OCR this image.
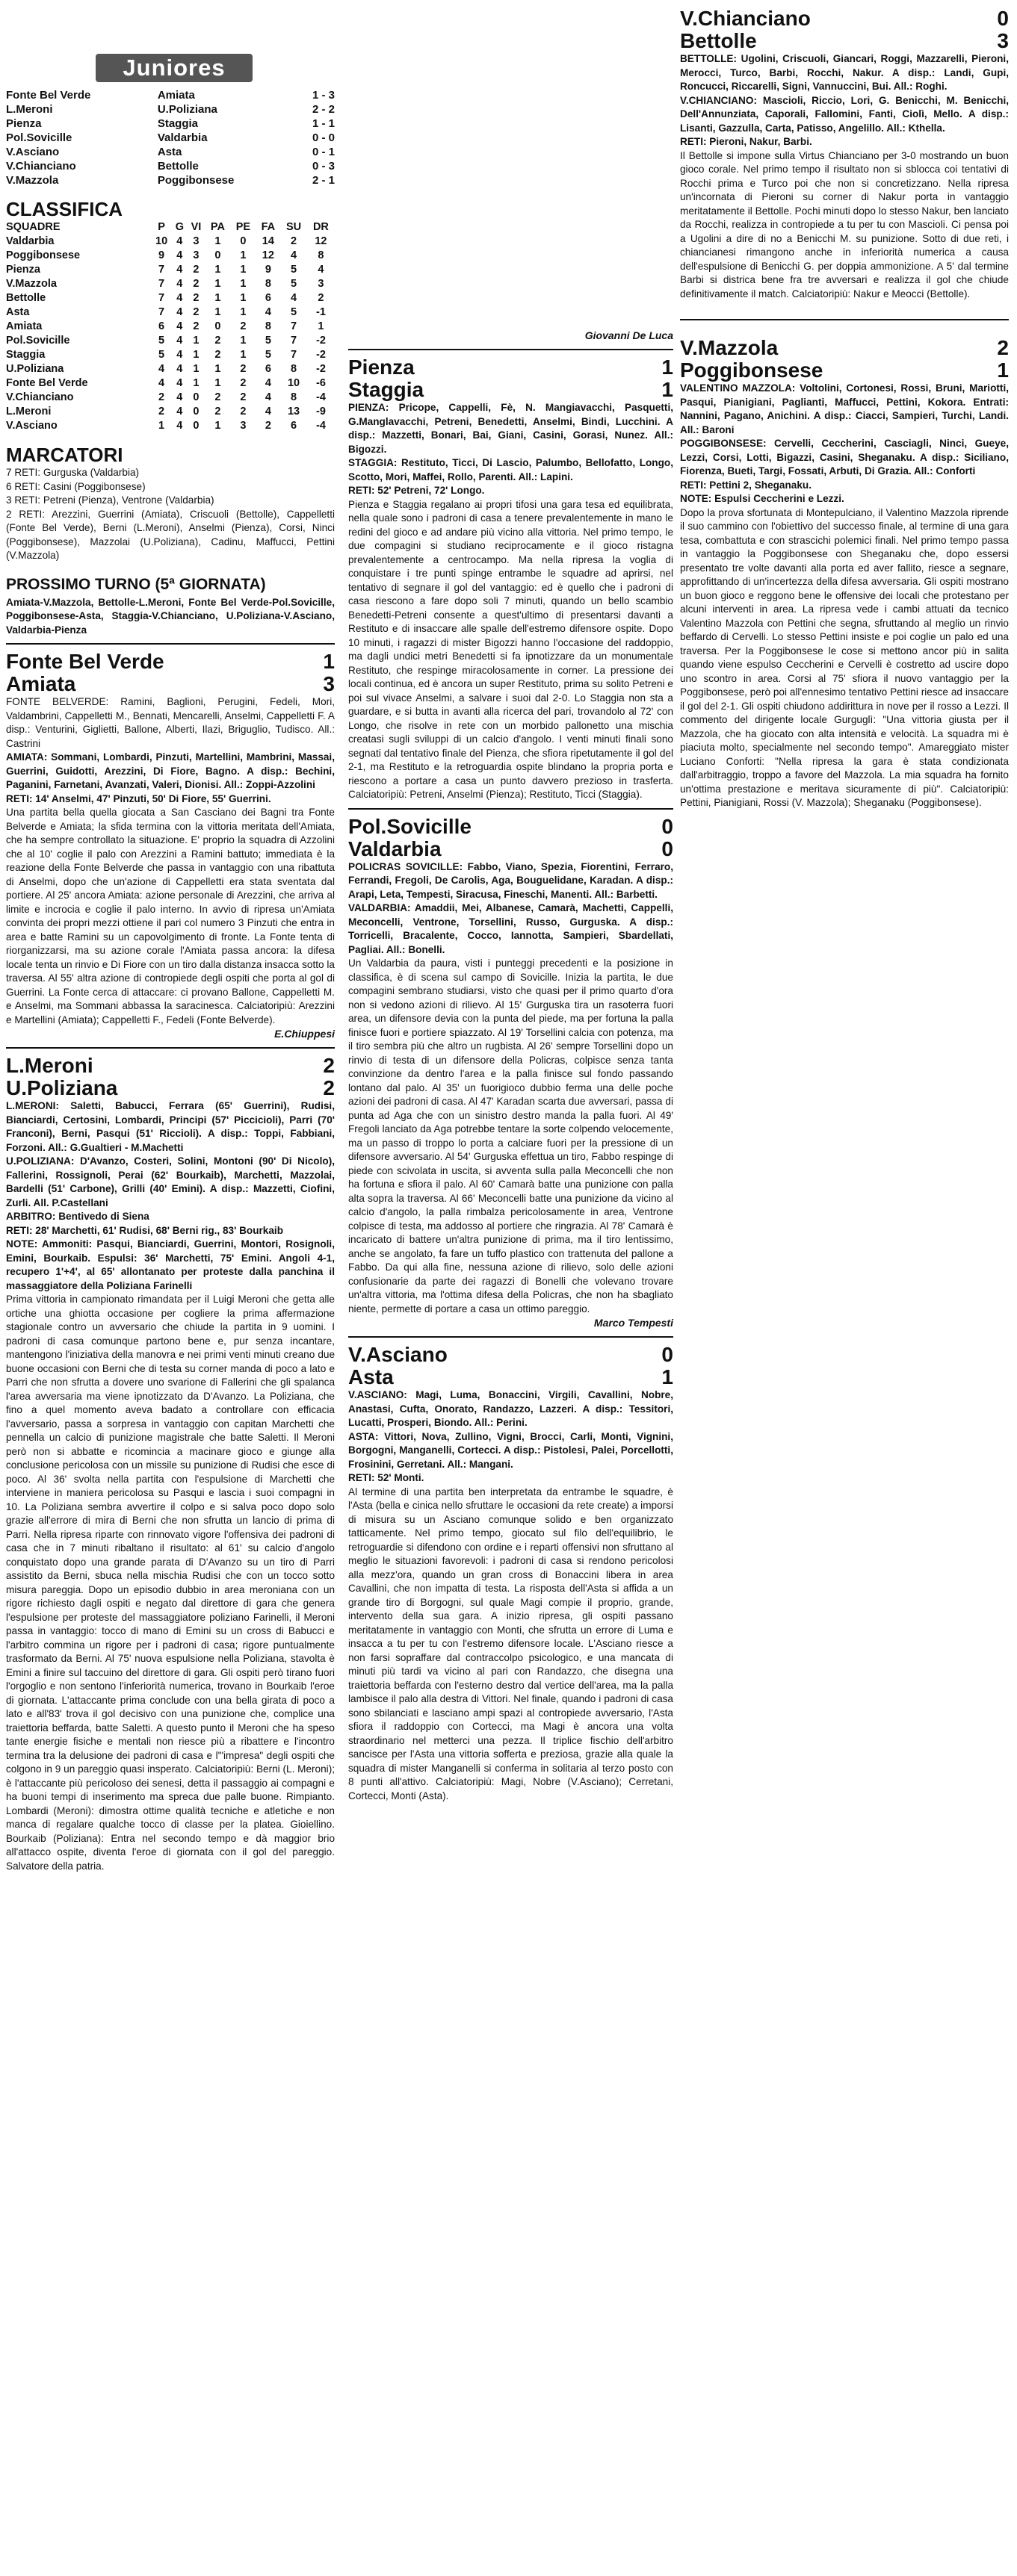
Juniores
Fonte Bel Verde	Amiata	1 - 3
L.Meroni	U.Poliziana	2 - 2
Pienza	Staggia	1 - 1
Pol.Sovicille	Valdarbia	0 - 0
V.Asciano	Asta	0 - 1
V.Chianciano	Bettolle	0 - 3
V.Mazzola	Poggibonsese	2 - 1
CLASSIFICA
SQUADRE	P	G	VI	PA	PE	FA	SU	DR
Valdarbia	10	4	3	1	0	14	2	12
Poggibonsese	9	4	3	0	1	12	4	8
Pienza	7	4	2	1	1	9	5	4
V.Mazzola	7	4	2	1	1	8	5	3
Bettolle	7	4	2	1	1	6	4	2
Asta	7	4	2	1	1	4	5	-1
Amiata	6	4	2	0	2	8	7	1
Pol.Sovicille	5	4	1	2	1	5	7	-2
Staggia	5	4	1	2	1	5	7	-2
U.Poliziana	4	4	1	1	2	6	8	-2
Fonte Bel Verde	4	4	1	1	2	4	10	-6
V.Chianciano	2	4	0	2	2	4	8	-4
L.Meroni	2	4	0	2	2	4	13	-9
V.Asciano	1	4	0	1	3	2	6	-4
MARCATORI

7 RETI: Gurguska (Valdarbia)

6 RETI: Casini (Poggibonsese)

3 RETI: Petreni (Pienza), Ventrone (Valdarbia)

2 RETI: Arezzini, Guerrini (Amiata), Criscuoli (Bettolle), Cappelletti (Fonte Bel Verde), Berni (L.Meroni), Anselmi (Pienza), Corsi, Ninci (Poggibonsese), Mazzolai (U.Poliziana), Cadinu, Maffucci, Pettini (V.Mazzola)

PROSSIMO TURNO (5ª GIORNATA)

Amiata-V.Mazzola, Bettolle-L.Meroni, Fonte Bel Verde-Pol.Sovicille, Poggibonsese-Asta, Staggia-V.Chianciano, U.Poliziana-V.Asciano, Valdarbia-Pienza

Fonte Bel Verde	1
Amiata	3

FONTE BELVERDE: Ramini, Baglioni, Perugini, Fedeli, Mori, Valdambrini, Cappelletti M., Bennati, Mencarelli, Anselmi, Cappelletti F. A disp.: Venturini, Giglietti, Ballone, Alberti, Ilazi, Briguglio, Tudisco. All.: Castrini

AMIATA: Sommani, Lombardi, Pinzuti, Martellini, Mambrini, Massai, Guerrini, Guidotti, Arezzini, Di Fiore, Bagno. A disp.: Bechini, Paganini, Farnetani, Avanzati, Valeri, Dionisi. All.: Zoppi-Azzolini

RETI: 14' Anselmi, 47' Pinzuti, 50' Di Fiore, 55' Guerrini.

Una partita bella quella giocata a San Casciano dei Bagni tra Fonte Belverde e Amiata; la sfida termina con la vittoria meritata dell'Amiata, che ha sempre controllato la situazione. E' proprio la squadra di Azzolini che al 10' coglie il palo con Arezzini a Ramini battuto; immediata è la reazione della Fonte Belverde che passa in vantaggio con una ribattuta di Anselmi, dopo che un'azione di Cappelletti era stata sventata dal portiere. Al 25' ancora Amiata: azione personale di Arezzini, che arriva al limite e incrocia e coglie il palo interno. In avvio di ripresa un'Amiata convinta dei propri mezzi ottiene il pari col numero 3 Pinzuti che entra in area e batte Ramini su un capovolgimento di fronte. La Fonte tenta di riorganizzarsi, ma su azione corale l'Amiata passa ancora: la difesa locale tenta un rinvio e Di Fiore con un tiro dalla distanza insacca sotto la traversa. Al 55' altra azione di contropiede degli ospiti che porta al gol di Guerrini. La Fonte cerca di attaccare: ci provano Ballone, Cappelletti M. e Anselmi, ma Sommani abbassa la saracinesca. Calciatoripiù: Arezzini e Martellini (Amiata); Cappelletti F., Fedeli (Fonte Belverde).

E.Chiuppesi
L.Meroni	2
U.Poliziana	2

L.MERONI: Saletti, Babucci, Ferrara (65' Guerrini), Rudisi, Bianciardi, Certosini, Lombardi, Principi (57' Piccicioli), Parri (70' Franconi), Berni, Pasqui (51' Riccioli). A disp.: Toppi, Fabbiani, Forzoni. All.: G.Gualtieri - M.Machetti

U.POLIZIANA: D'Avanzo, Costeri, Solini, Montoni (90' Di Nicolo), Fallerini, Rossignoli, Perai (62' Bourkaib), Marchetti, Mazzolai, Bardelli (51' Carbone), Grilli (40' Emini). A disp.: Mazzetti, Ciofini, Zurli. All. P.Castellani

ARBITRO: Bentivedo di Siena

RETI: 28' Marchetti, 61' Rudisi, 68' Berni rig., 83' Bourkaib

NOTE: Ammoniti: Pasqui, Bianciardi, Guerrini, Montori, Rosignoli, Emini, Bourkaib. Espulsi: 36' Marchetti, 75' Emini. Angoli 4-1, recupero 1'+4', al 65' allontanato per proteste dalla panchina il massaggiatore della Poliziana Farinelli

Prima vittoria in campionato rimandata per il Luigi Meroni che getta alle ortiche una ghiotta occasione per cogliere la prima affermazione stagionale contro un avversario che chiude la partita in 9 uomini. I padroni di casa comunque partono bene e, pur senza incantare, mantengono l'iniziativa della manovra e nei primi venti minuti creano due buone occasioni con Berni che di testa su corner manda di poco a lato e Parri che non sfrutta a dovere uno svarione di Fallerini che gli spalanca l'area avversaria ma viene ipnotizzato da D'Avanzo. La Poliziana, che fino a quel momento aveva badato a controllare con efficacia l'avversario, passa a sorpresa in vantaggio con capitan Marchetti che pennella un calcio di punizione magistrale che batte Saletti. Il Meroni però non si abbatte e ricomincia a macinare gioco e giunge alla conclusione pericolosa con un missile su punizione di Rudisi che esce di poco. Al 36' svolta nella partita con l'espulsione di Marchetti che interviene in maniera pericolosa su Pasqui e lascia i suoi compagni in 10. La Poliziana sembra avvertire il colpo e si salva poco dopo solo grazie all'errore di mira di Berni che non sfrutta un lancio di prima di Parri. Nella ripresa riparte con rinnovato vigore l'offensiva dei padroni di casa che in 7 minuti ribaltano il risultato: al 61' su calcio d'angolo conquistato dopo una grande parata di D'Avanzo su un tiro di Parri assistito da Berni, sbuca nella mischia Rudisi che con un tocco sotto misura pareggia. Dopo un episodio dubbio in area meroniana con un rigore richiesto dagli ospiti e negato dal direttore di gara che genera l'espulsione per proteste del massaggiatore poliziano Farinelli, il Meroni passa in vantaggio: tocco di mano di Emini su un cross di Babucci e l'arbitro commina un rigore per i padroni di casa; rigore puntualmente trasformato da Berni. Al 75' nuova espulsione nella Poliziana, stavolta è Emini a finire sul taccuino del direttore di gara. Gli ospiti però tirano fuori l'orgoglio e non sentono l'inferiorità numerica, trovano in Bourkaib l'eroe di giornata. L'attaccante prima conclude con una bella girata di poco a lato e all'83' trova il gol decisivo con una punizione che, complice una traiettoria beffarda, batte Saletti. A questo punto il Meroni che ha speso tante energie fisiche e mentali non riesce più a ribattere e l'incontro termina tra la delusione dei padroni di casa e l'"impresa" degli ospiti che colgono in 9 un pareggio quasi insperato. Calciatoripiù: Berni (L. Meroni); è l'attaccante più pericoloso dei senesi, detta il passaggio ai compagni e ha buoni tempi di inserimento ma spreca due palle buone. Rimpianto. Lombardi (Meroni): dimostra ottime qualità tecniche e atletiche e non manca di regalare qualche tocco di classe per la platea. Gioiellino. Bourkaib (Poliziana): Entra nel secondo tempo e dà maggior brio all'attacco ospite, diventa l'eroe di giornata con il gol del pareggio. Salvatore della patria.

Giovanni De Luca
Pienza	1
Staggia	1

PIENZA: Pricope, Cappelli, Fè, N. Mangiavacchi, Pasquetti, G.Manglavacchi, Petreni, Benedetti, Anselmi, Bindi, Lucchini. A disp.: Mazzetti, Bonari, Bai, Giani, Casini, Gorasi, Nunez. All.: Bigozzi.

STAGGIA: Restituto, Ticci, Di Lascio, Palumbo, Bellofatto, Longo, Scotto, Mori, Maffei, Rollo, Parenti. All.: Lapini.

RETI: 52' Petreni, 72' Longo.

Pienza e Staggia regalano ai propri tifosi una gara tesa ed equilibrata, nella quale sono i padroni di casa a tenere prevalentemente in mano le redini del gioco e ad andare più vicino alla vittoria. Nel primo tempo, le due compagini si studiano reciprocamente e il gioco ristagna prevalentemente a centrocampo. Ma nella ripresa la voglia di conquistare i tre punti spinge entrambe le squadre ad aprirsi, nel tentativo di segnare il gol del vantaggio: ed è quello che i padroni di casa riescono a fare dopo soli 7 minuti, quando un bello scambio Benedetti-Petreni consente a quest'ultimo di presentarsi davanti a Restituto e di insaccare alle spalle dell'estremo difensore ospite. Dopo 10 minuti, i ragazzi di mister Bigozzi hanno l'occasione del raddoppio, ma dagli undici metri Benedetti si fa ipnotizzare da un monumentale Restituto, che respinge miracolosamente in corner. La pressione dei locali continua, ed è ancora un super Restituto, prima su solito Petreni e poi sul vivace Anselmi, a salvare i suoi dal 2-0. Lo Staggia non sta a guardare, e si butta in avanti alla ricerca del pari, trovandolo al 72' con Longo, che risolve in rete con un morbido pallonetto una mischia creatasi sugli sviluppi di un calcio d'angolo. I venti minuti finali sono segnati dal tentativo finale del Pienza, che sfiora ripetutamente il gol del 2-1, ma Restituto e la retroguardia ospite blindano la propria porta e riescono a portare a casa un punto davvero prezioso in trasferta. Calciatoripiù: Petreni, Anselmi (Pienza); Restituto, Ticci (Staggia).

Pol.Sovicille	0
Valdarbia	0

POLICRAS SOVICILLE: Fabbo, Viano, Spezia, Fiorentini, Ferraro, Ferrandi, Fregoli, De Carolis, Aga, Bouguelidane, Karadan. A disp.: Arapi, Leta, Tempesti, Siracusa, Fineschi, Manenti. All.: Barbetti.

VALDARBIA: Amaddii, Mei, Albanese, Camarà, Machetti, Cappelli, Meconcelli, Ventrone, Torsellini, Russo, Gurguska. A disp.: Torricelli, Bracalente, Cocco, Iannotta, Sampieri, Sbardellati, Pagliai. All.: Bonelli.

Un Valdarbia da paura, visti i punteggi precedenti e la posizione in classifica, è di scena sul campo di Sovicille. Inizia la partita, le due compagini sembrano studiarsi, visto che quasi per il primo quarto d'ora non si vedono azioni di rilievo. Al 15' Gurguska tira un rasoterra fuori area, un difensore devia con la punta del piede, ma per fortuna la palla finisce fuori e portiere spiazzato. Al 19' Torsellini calcia con potenza, ma il tiro sembra più che altro un rugbista. Al 26' sempre Torsellini dopo un rinvio di testa di un difensore della Policras, colpisce senza tanta convinzione da dentro l'area e la palla finisce sul fondo passando lontano dal palo. Al 35' un fuorigioco dubbio ferma una delle poche azioni dei padroni di casa. Al 47' Karadan scarta due avversari, passa di punta ad Aga che con un sinistro destro manda la palla fuori. Al 49' Fregoli lanciato da Aga potrebbe tentare la sorte colpendo velocemente, ma un passo di troppo lo porta a calciare fuori per la pressione di un difensore avversario. Al 54' Gurguska effettua un tiro, Fabbo respinge di piede con scivolata in uscita, si avventa sulla palla Meconcelli che non ha fortuna e sfiora il palo. Al 60' Camarà batte una punizione con palla alta sopra la traversa. Al 66' Meconcelli batte una punizione da vicino al calcio d'angolo, la palla rimbalza pericolosamente in area, Ventrone colpisce di testa, ma addosso al portiere che ringrazia. Al 78' Camarà è incaricato di battere un'altra punizione di prima, ma il tiro lentissimo, anche se angolato, fa fare un tuffo plastico con trattenuta del pallone a Fabbo. Da qui alla fine, nessuna azione di rilievo, solo delle azioni confusionarie da parte dei ragazzi di Bonelli che volevano trovare un'altra vittoria, ma l'ottima difesa della Policras, che non ha sbagliato niente, permette di portare a casa un ottimo pareggio.

Marco Tempesti
V.Asciano	0
Asta	1

V.ASCIANO: Magi, Luma, Bonaccini, Virgili, Cavallini, Nobre, Anastasi, Cufta, Onorato, Randazzo, Lazzeri. A disp.: Tessitori, Lucatti, Prosperi, Biondo. All.: Perini.

ASTA: Vittori, Nova, Zullino, Vigni, Brocci, Carli, Monti, Vignini, Borgogni, Manganelli, Cortecci. A disp.: Pistolesi, Palei, Porcellotti, Frosinini, Gerretani. All.: Mangani.

RETI: 52' Monti.

Al termine di una partita ben interpretata da entrambe le squadre, è l'Asta (bella e cinica nello sfruttare le occasioni da rete create) a imporsi di misura su un Asciano comunque solido e ben organizzato tatticamente. Nel primo tempo, giocato sul filo dell'equilibrio, le retroguardie si difendono con ordine e i reparti offensivi non sfruttano al meglio le situazioni favorevoli: i padroni di casa si rendono pericolosi alla mezz'ora, quando un gran cross di Bonaccini libera in area Cavallini, che non impatta di testa. La risposta dell'Asta si affida a un grande tiro di Borgogni, sul quale Magi compie il proprio, grande, intervento della sua gara. A inizio ripresa, gli ospiti passano meritatamente in vantaggio con Monti, che sfrutta un errore di Luma e insacca a tu per tu con l'estremo difensore locale. L'Asciano riesce a non farsi sopraffare dal contraccolpo psicologico, e una mancata di minuti più tardi va vicino al pari con Randazzo, che disegna una traiettoria beffarda con l'esterno destro dal vertice dell'area, ma la palla lambisce il palo alla destra di Vittori. Nel finale, quando i padroni di casa sono sbilanciati e lasciano ampi spazi al contropiede avversario, l'Asta sfiora il raddoppio con Cortecci, ma Magi è ancora una volta straordinario nel metterci una pezza. Il triplice fischio dell'arbitro sancisce per l'Asta una vittoria sofferta e preziosa, grazie alla quale la squadra di mister Manganelli si conferma in solitaria al terzo posto con 8 punti all'attivo. Calciatoripiù: Magi, Nobre (V.Asciano); Cerretani, Cortecci, Monti (Asta).

V.Chianciano	0
Bettolle	3

BETTOLLE: Ugolini, Criscuoli, Giancari, Roggi, Mazzarelli, Pieroni, Merocci, Turco, Barbi, Rocchi, Nakur. A disp.: Landi, Gupi, Roncucci, Riccarelli, Signi, Vannuccini, Bui. All.: Roghi.

V.CHIANCIANO: Mascioli, Riccio, Lori, G. Benicchi, M. Benicchi, Dell'Annunziata, Caporali, Fallomini, Fanti, Ciolì, Mello. A disp.: Lisanti, Gazzulla, Carta, Patisso, Angelillo. All.: Kthella.

RETI: Pieroni, Nakur, Barbi.

Il Bettolle si impone sulla Virtus Chianciano per 3-0 mostrando un buon gioco corale. Nel primo tempo il risultato non si sblocca coi tentativi di Rocchi prima e Turco poi che non si concretizzano. Nella ripresa un'incornata di Pieroni su corner di Nakur porta in vantaggio meritatamente il Bettolle. Pochi minuti dopo lo stesso Nakur, ben lanciato da Rocchi, realizza in contropiede a tu per tu con Mascioli. Ci pensa poi a Ugolini a dire di no a Benicchi M. su punizione. Sotto di due reti, i chiancianesi rimangono anche in inferiorità numerica a causa dell'espulsione di Benicchi G. per doppia ammonizione. A 5' dal termine Barbi si districa bene fra tre avversari e realizza il gol che chiude definitivamente il match. Calciatoripiù: Nakur e Meocci (Bettolle).

V.Mazzola	2
Poggibonsese	1

VALENTINO MAZZOLA: Voltolini, Cortonesi, Rossi, Bruni, Mariotti, Pasqui, Pianigiani, Paglianti, Maffucci, Pettini, Kokora. Entrati: Nannini, Pagano, Anichini. A disp.: Ciacci, Sampieri, Turchi, Landi. All.: Baroni

POGGIBONSESE: Cervelli, Ceccherini, Casciagli, Ninci, Gueye, Lezzi, Corsi, Lotti, Bigazzi, Casini, Sheganaku. A disp.: Siciliano, Fiorenza, Bueti, Targi, Fossati, Arbuti, Di Grazia. All.: Conforti

RETI: Pettini 2, Sheganaku.

NOTE: Espulsi Ceccherini e Lezzi.

Dopo la prova sfortunata di Montepulciano, il Valentino Mazzola riprende il suo cammino con l'obiettivo del successo finale, al termine di una gara tesa, combattuta e con strascichi polemici finali. Nel primo tempo passa in vantaggio la Poggibonsese con Sheganaku che, dopo essersi presentato tre volte davanti alla porta ed aver fallito, riesce a segnare, approfittando di un'incertezza della difesa avversaria. Gli ospiti mostrano un buon gioco e reggono bene le offensive dei locali che protestano per alcuni interventi in area. La ripresa vede i cambi attuati da tecnico Valentino Mazzola con Pettini che segna, sfruttando al meglio un rinvio beffardo di Cervelli. Lo stesso Pettini insiste e poi coglie un palo ed una traversa. Per la Poggibonsese le cose si mettono ancor più in salita quando viene espulso Ceccherini e Cervelli è costretto ad uscire dopo uno scontro in area. Corsi al 75' sfiora il nuovo vantaggio per la Poggibonsese, però poi all'ennesimo tentativo Pettini riesce ad insaccare il gol del 2-1. Gli ospiti chiudono addirittura in nove per il rosso a Lezzi. Il commento del dirigente locale Gurguglì: "Una vittoria giusta per il Mazzola, che ha giocato con alta intensità e velocità. La squadra mi è piaciuta molto, specialmente nel secondo tempo". Amareggiato mister Luciano Conforti: "Nella ripresa la gara è stata condizionata dall'arbitraggio, troppo a favore del Mazzola. La mia squadra ha fornito un'ottima prestazione e meritava sicuramente di più". Calciatoripiù: Pettini, Pianigiani, Rossi (V. Mazzola); Sheganaku (Poggibonsese).
